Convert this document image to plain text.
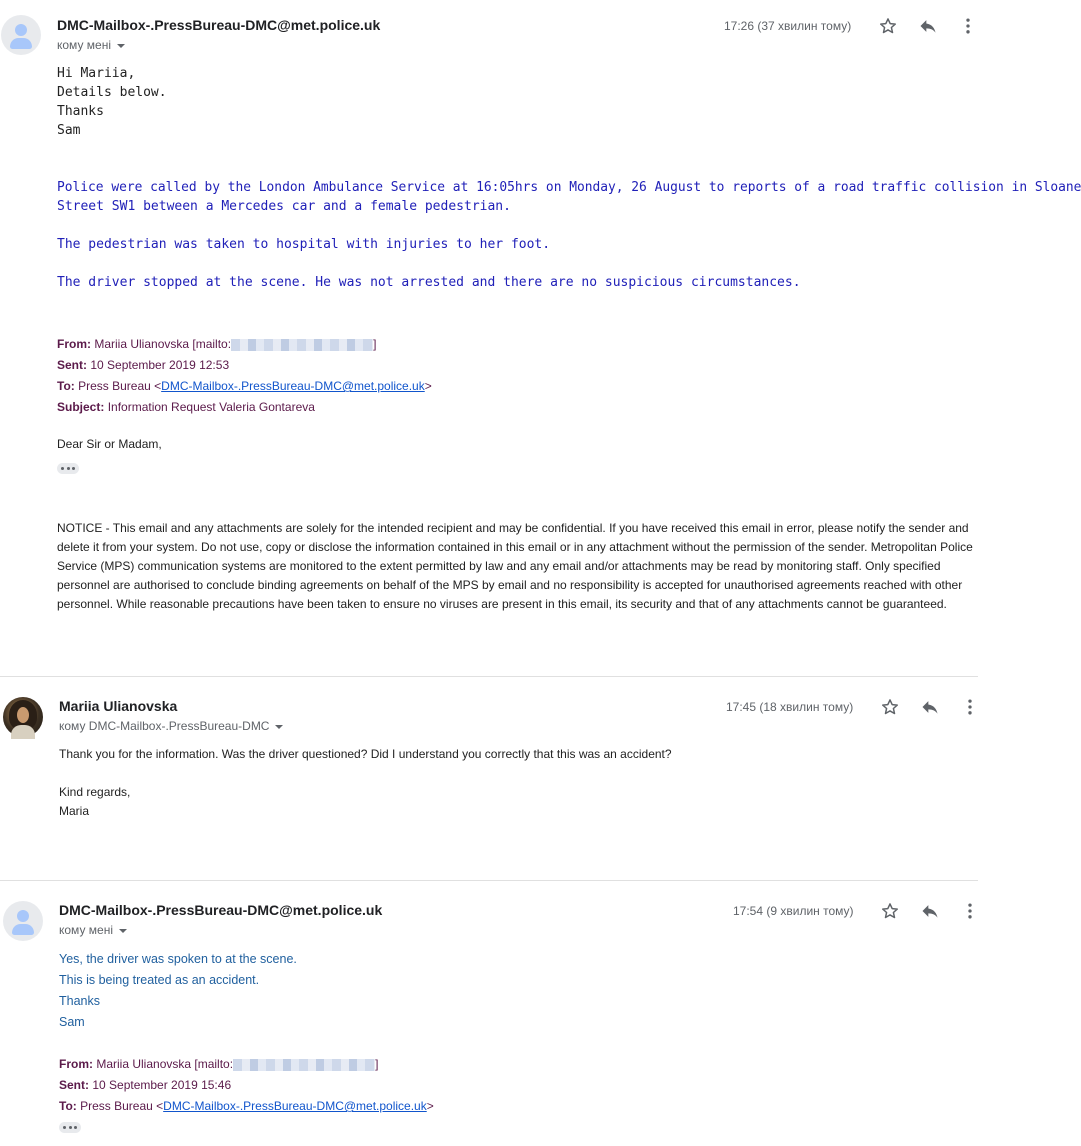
DMC-Mailbox-.PressBureau-DMC@met.police.uk
кому мені
17:26 (37 хвилин тому)
Hi Mariia,
Details below.
Thanks
Sam
Police were called by the London Ambulance Service at 16:05hrs on Monday, 26 August to reports of a road traffic collision in Sloane
Street SW1 between a Mercedes car and a female pedestrian.
The pedestrian was taken to hospital with injuries to her foot.
The driver stopped at the scene. He was not arrested and there are no suspicious circumstances.
From: Mariia Ulianovska [mailto:	]
Sent: 10 September 2019 12:53
To: Press Bureau <DMC-Mailbox-.PressBureau-DMC@met.police.uk>
Subject: Information Request Valeria Gontareva
Dear Sir or Madam,
NOTICE - This email and any attachments are solely for the intended recipient and may be confidential. If you have received this email in error, please notify the sender and delete it from your system. Do not use, copy or disclose the information contained in this email or in any attachment without the permission of the sender. Metropolitan Police Service (MPS) communication systems are monitored to the extent permitted by law and any email and/or attachments may be read by monitoring staff. Only specified personnel are authorised to conclude binding agreements on behalf of the MPS by email and no responsibility is accepted for unauthorised agreements reached with other personnel. While reasonable precautions have been taken to ensure no viruses are present in this email, its security and that of any attachments cannot be guaranteed.
Mariia Ulianovska
кому DMC-Mailbox-.PressBureau-DMC
17:45 (18 хвилин тому)
Thank you for the information. Was the driver questioned? Did I understand you correctly that this was an accident?
Kind regards,
Maria
DMC-Mailbox-.PressBureau-DMC@met.police.uk
кому мені
17:54 (9 хвилин тому)
Yes, the driver was spoken to at the scene.
This is being treated as an accident.
Thanks
Sam
From: Mariia Ulianovska [mailto:	]
Sent: 10 September 2019 15:46
To: Press Bureau <DMC-Mailbox-.PressBureau-DMC@met.police.uk>
